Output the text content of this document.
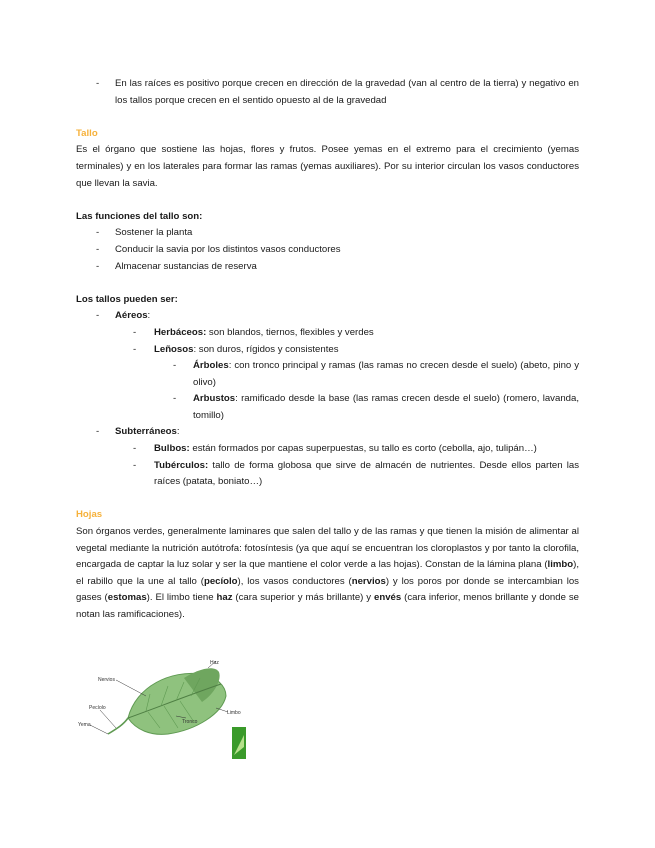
-	En las raíces es positivo porque crecen en dirección de la gravedad (van al centro de la tierra) y negativo en los tallos porque crecen en el sentido opuesto al de la gravedad
Tallo
Es el órgano que sostiene las hojas, flores y frutos. Posee yemas en el extremo para el crecimiento (yemas terminales) y en los laterales para formar las ramas (yemas auxiliares). Por su interior circulan los vasos conductores que llevan la savia.
Las funciones del tallo son:
-	Sostener la planta
-	Conducir la savia por los distintos vasos conductores
-	Almacenar sustancias de reserva
Los tallos pueden ser:
-	Aéreos:
-	Herbáceos: son blandos, tiernos, flexibles y verdes
-	Leñosos: son duros, rígidos y consistentes
-	Árboles: con tronco principal y ramas (las ramas no crecen desde el suelo) (abeto, pino y olivo)
-	Arbustos: ramificado desde la base (las ramas crecen desde el suelo) (romero, lavanda, tomillo)
-	Subterráneos:
-	Bulbos: están formados por capas superpuestas, su tallo es corto (cebolla, ajo, tulipán…)
-	Tubérculos: tallo de forma globosa que sirve de almacén de nutrientes. Desde ellos parten las raíces (patata, boniato…)
Hojas
Son órganos verdes, generalmente laminares que salen del tallo y de las ramas y que tienen la misión de alimentar al vegetal mediante la nutrición autótrofa: fotosíntesis (ya que aquí se encuentran los cloroplastos y por tanto la clorofila, encargada de captar la luz solar y ser la que mantiene el color verde a las hojas). Constan de la lámina plana (limbo), el rabillo que la une al tallo (pecíolo), los vasos conductores (nervios) y los poros por donde se intercambian los gases (estomas). El limbo tiene haz (cara superior y más brillante) y envés (cara inferior, menos brillante y donde se notan las ramificaciones).
Haz
Nervios
Pecíolo
Yema	Tronco
Limbo
